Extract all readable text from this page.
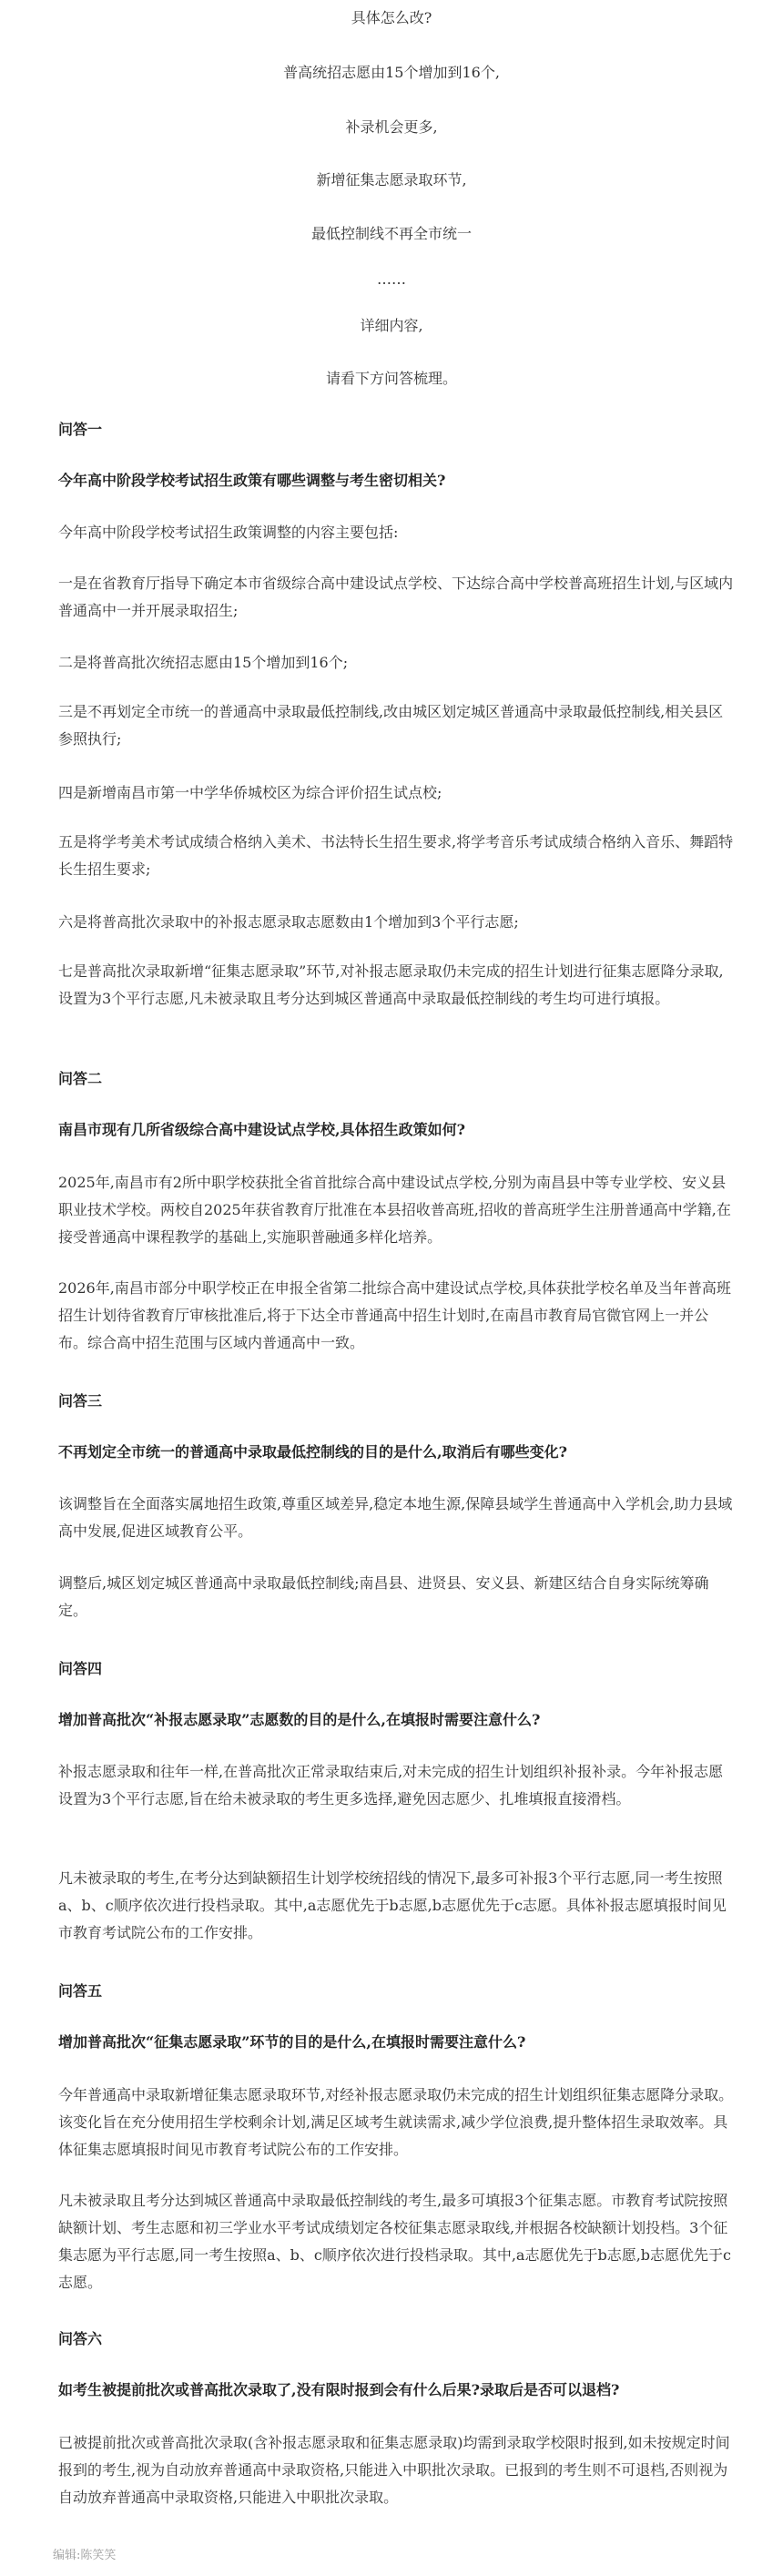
具体怎么改?
普高统招志愿由15个增加到16个,
补录机会更多,
新增征集志愿录取环节,
最低控制线不再全市统一
……
详细内容,
请看下方问答梳理。
问答一
今年高中阶段学校考试招生政策有哪些调整与考生密切相关?

今年高中阶段学校考试招生政策调整的内容主要包括:

一是在省教育厅指导下确定本市省级综合高中建设试点学校、下达综合高中学校普高班招生计划,与区域内普通高中一并开展录取招生;

二是将普高批次统招志愿由15个增加到16个;

三是不再划定全市统一的普通高中录取最低控制线,改由城区划定城区普通高中录取最低控制线,相关县区参照执行;

四是新增南昌市第一中学华侨城校区为综合评价招生试点校;

五是将学考美术考试成绩合格纳入美术、书法特长生招生要求,将学考音乐考试成绩合格纳入音乐、舞蹈特长生招生要求;

六是将普高批次录取中的补报志愿录取志愿数由1个增加到3个平行志愿;

七是普高批次录取新增“征集志愿录取”环节,对补报志愿录取仍未完成的招生计划进行征集志愿降分录取,设置为3个平行志愿,凡未被录取且考分达到城区普通高中录取最低控制线的考生均可进行填报。

问答二
南昌市现有几所省级综合高中建设试点学校,具体招生政策如何?

2025年,南昌市有2所中职学校获批全省首批综合高中建设试点学校,分别为南昌县中等专业学校、安义县职业技术学校。两校自2025年获省教育厅批准在本县招收普高班,招收的普高班学生注册普通高中学籍,在接受普通高中课程教学的基础上,实施职普融通多样化培养。

2026年,南昌市部分中职学校正在申报全省第二批综合高中建设试点学校,具体获批学校名单及当年普高班招生计划待省教育厅审核批准后,将于下达全市普通高中招生计划时,在南昌市教育局官微官网上一并公布。综合高中招生范围与区域内普通高中一致。

问答三
不再划定全市统一的普通高中录取最低控制线的目的是什么,取消后有哪些变化?

该调整旨在全面落实属地招生政策,尊重区域差异,稳定本地生源,保障县域学生普通高中入学机会,助力县域高中发展,促进区域教育公平。

调整后,城区划定城区普通高中录取最低控制线;南昌县、进贤县、安义县、新建区结合自身实际统筹确定。

问答四
增加普高批次“补报志愿录取”志愿数的目的是什么,在填报时需要注意什么?

补报志愿录取和往年一样,在普高批次正常录取结束后,对未完成的招生计划组织补报补录。今年补报志愿设置为3个平行志愿,旨在给未被录取的考生更多选择,避免因志愿少、扎堆填报直接滑档。

凡未被录取的考生,在考分达到缺额招生计划学校统招线的情况下,最多可补报3个平行志愿,同一考生按照a、b、c顺序依次进行投档录取。其中,a志愿优先于b志愿,b志愿优先于c志愿。具体补报志愿填报时间见市教育考试院公布的工作安排。

问答五
增加普高批次“征集志愿录取”环节的目的是什么,在填报时需要注意什么?

今年普通高中录取新增征集志愿录取环节,对经补报志愿录取仍未完成的招生计划组织征集志愿降分录取。该变化旨在充分使用招生学校剩余计划,满足区域考生就读需求,减少学位浪费,提升整体招生录取效率。具体征集志愿填报时间见市教育考试院公布的工作安排。

凡未被录取且考分达到城区普通高中录取最低控制线的考生,最多可填报3个征集志愿。市教育考试院按照缺额计划、考生志愿和初三学业水平考试成绩划定各校征集志愿录取线,并根据各校缺额计划投档。3个征集志愿为平行志愿,同一考生按照a、b、c顺序依次进行投档录取。其中,a志愿优先于b志愿,b志愿优先于c志愿。

问答六
如考生被提前批次或普高批次录取了,没有限时报到会有什么后果?录取后是否可以退档?

已被提前批次或普高批次录取(含补报志愿录取和征集志愿录取)均需到录取学校限时报到,如未按规定时间报到的考生,视为自动放弃普通高中录取资格,只能进入中职批次录取。已报到的考生则不可退档,否则视为自动放弃普通高中录取资格,只能进入中职批次录取。

编辑:陈笑笑
